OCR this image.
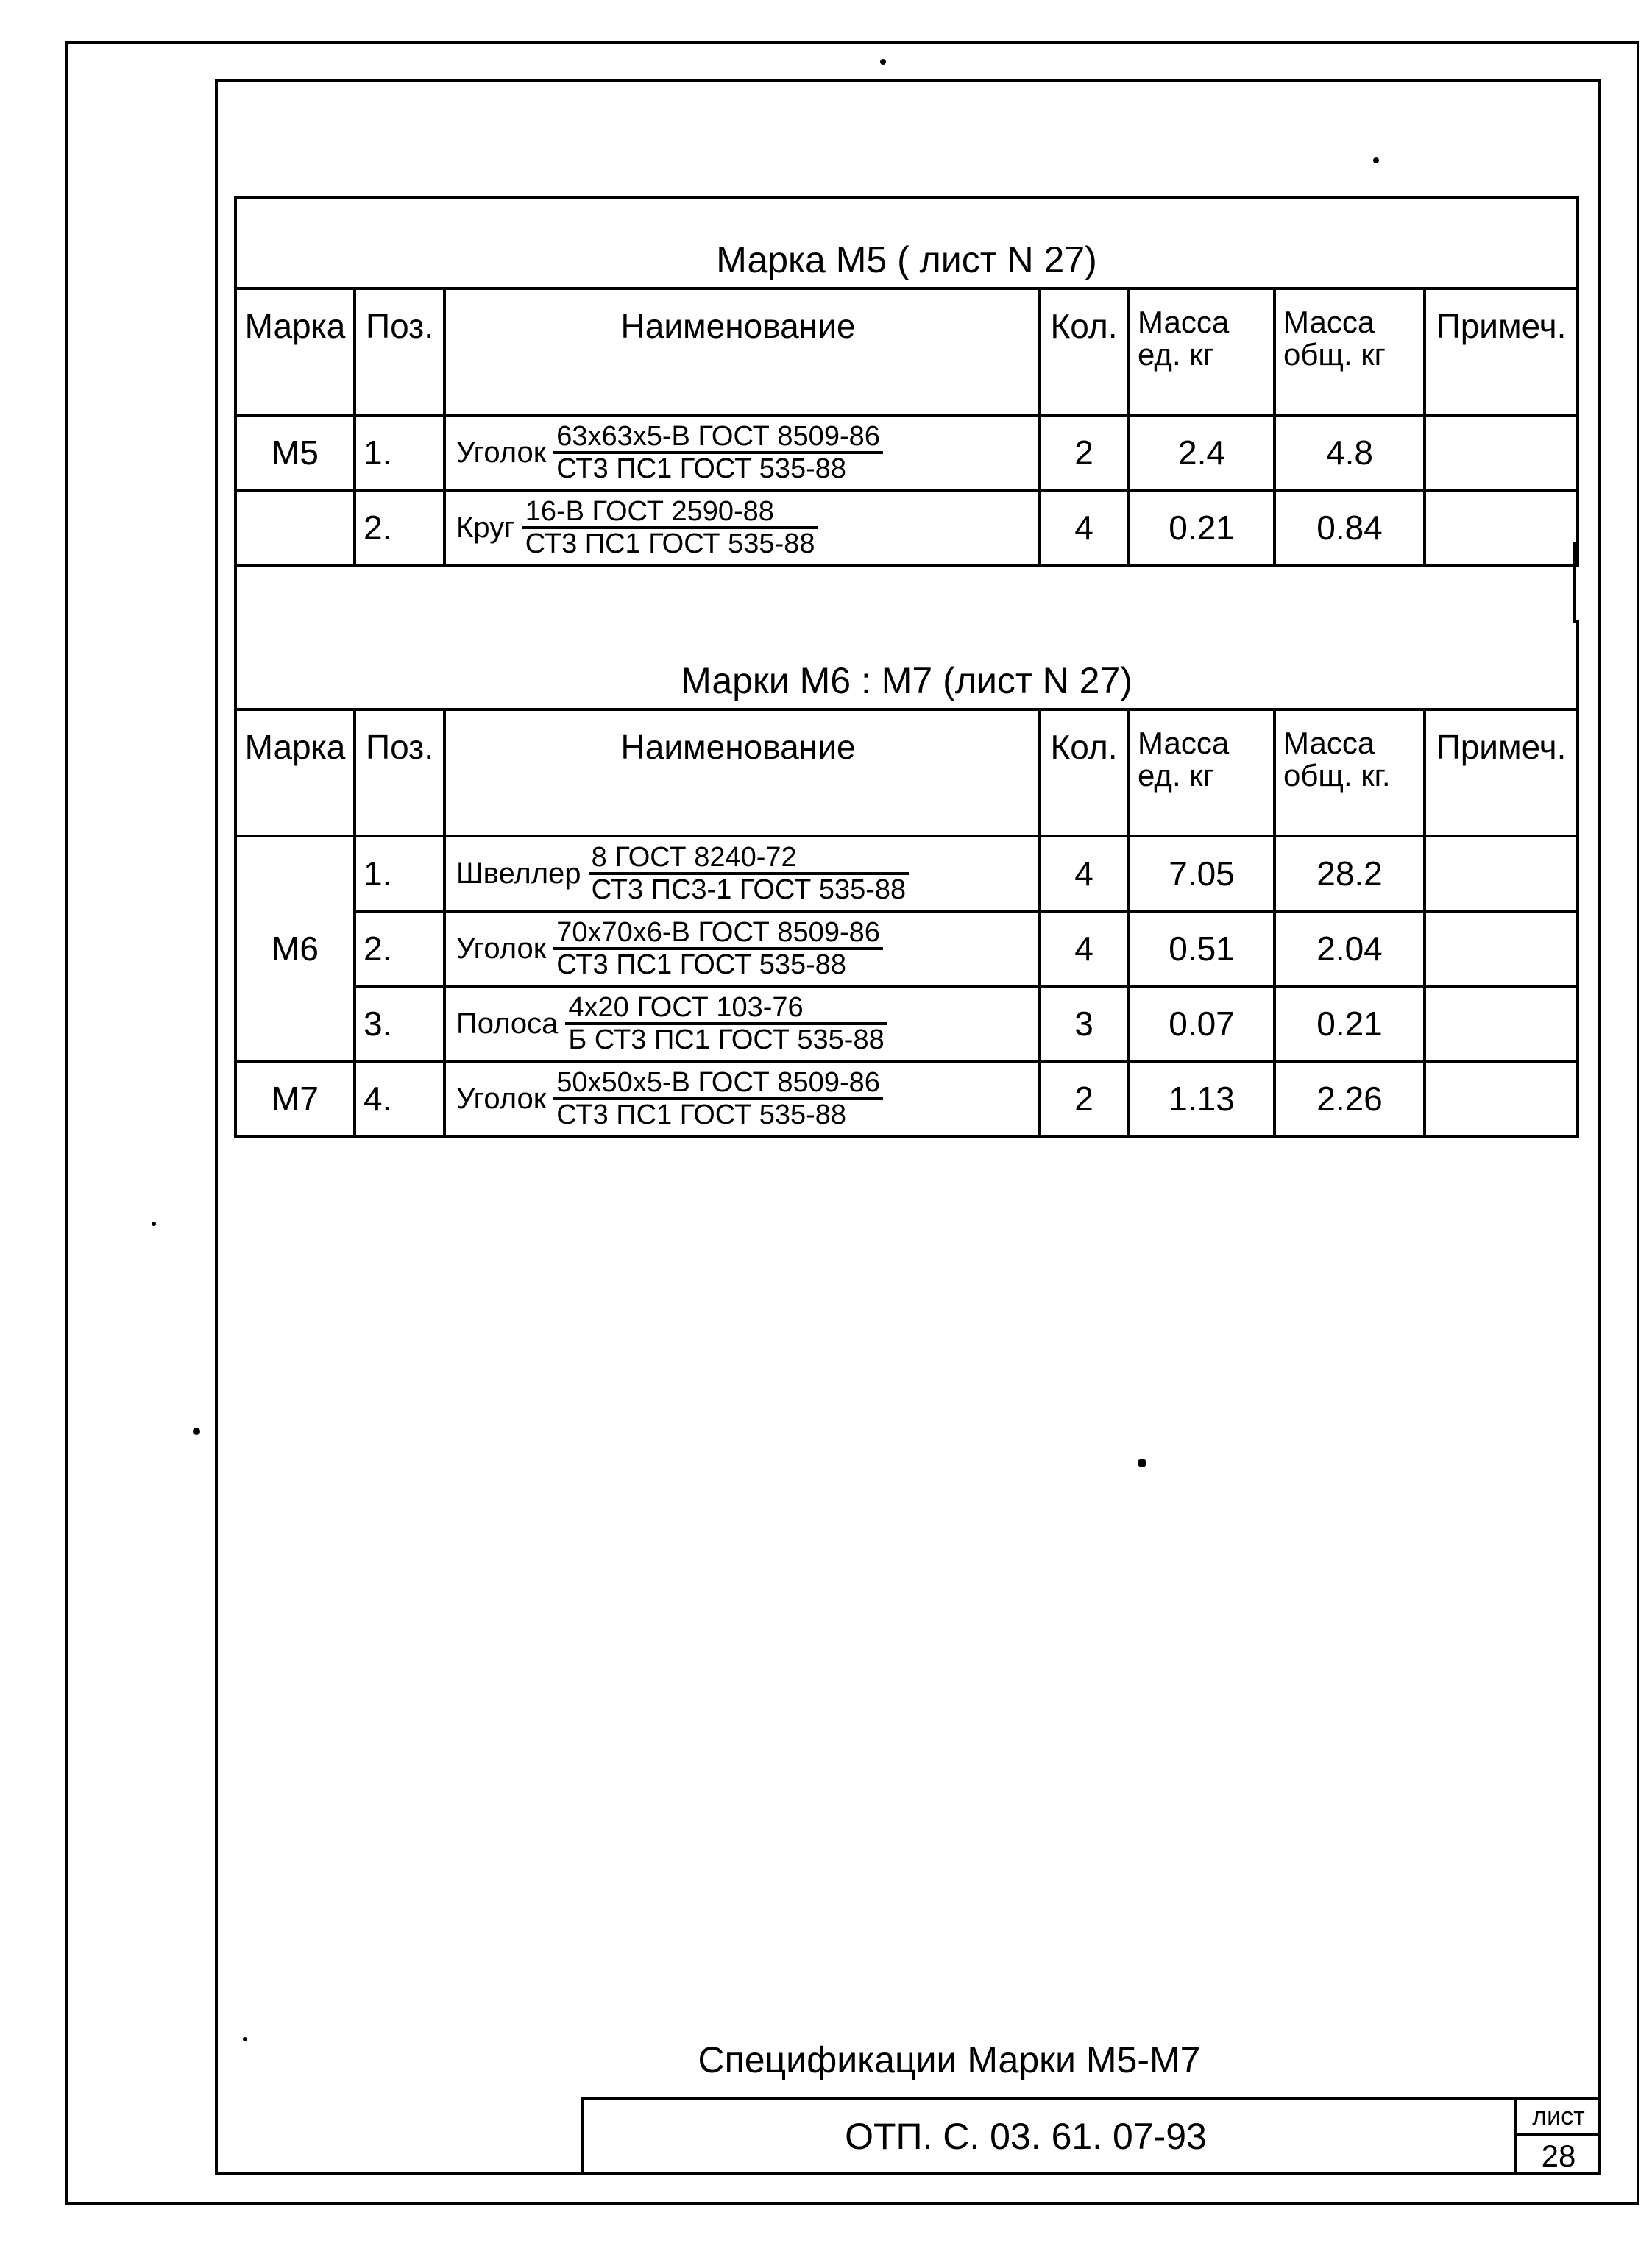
Марка М5 ( лист N 27)						
Марка	Поз.	Наименование	Кол.	Масса ед. кг	Масса общ. кг	Примеч.
М5	1.	Уголок $\frac{\text{63x63x5-В ГОСТ 8509-86}}{\text{СТ3 ПС1 ГОСТ 535-88}}$	2	2.4	4.8	
	2.	Круг $\frac{\text{16-В ГОСТ 2590-88}}{\text{СТ3 ПС1 ГОСТ 535-88}}$	4	0.21	0.84	
Марки М6 : М7 (лист N 27)						
Марка	Поз.	Наименование	Кол.	Масса ед. кг	Масса общ. кг.	Примеч.
М6	1.	Швеллер $\frac{\text{8 ГОСТ 8240-72}}{\text{СТ3 ПС3-1 ГОСТ 535-88}}$	4	7.05	28.2	
	2.	Уголок $\frac{\text{70x70x6-В ГОСТ 8509-86}}{\text{СТ3 ПС1 ГОСТ 535-88}}$	4	0.51	2.04	
	3.	Полоса $\frac{\text{4x20 ГОСТ 103-76}}{\text{Б СТ3 ПС1 ГОСТ 535-88}}$	3	0.07	0.21	
М7	4.	Уголок $\frac{\text{50x50x5-В ГОСТ 8509-86}}{\text{СТ3 ПС1 ГОСТ 535-88}}$	2	1.13	2.26	
Спецификации Марки М5-М7
ОТП. С. 03. 61. 07-93	лист
28
